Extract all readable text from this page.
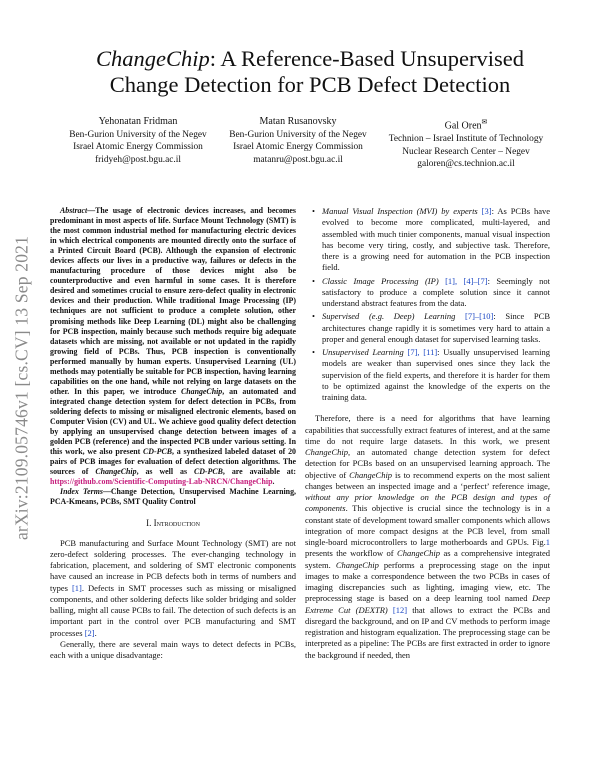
arXiv:2109.05746v1 [cs.CV] 13 Sep 2021
ChangeChip: A Reference-Based Unsupervised
Change Detection for PCB Defect Detection
Yehonatan Fridman
Ben-Gurion University of the Negev
Israel Atomic Energy Commission
fridyeh@post.bgu.ac.il
Matan Rusanovsky
Ben-Gurion University of the Negev
Israel Atomic Energy Commission
matanru@post.bgu.ac.il
Gal Oren✉
Technion – Israel Institute of Technology
Nuclear Research Center – Negev
galoren@cs.technion.ac.il

Abstract—The usage of electronic devices increases, and becomes predominant in most aspects of life. Surface Mount Technology (SMT) is the most common industrial method for manufacturing electric devices in which electrical components are mounted directly onto the surface of a Printed Circuit Board (PCB). Although the expansion of electronic devices affects our lives in a productive way, failures or defects in the manufacturing procedure of those devices might also be counterproductive and even harmful in some cases. It is therefore desired and sometimes crucial to ensure zero-defect quality in electronic devices and their production. While traditional Image Processing (IP) techniques are not sufficient to produce a complete solution, other promising methods like Deep Learning (DL) might also be challenging for PCB inspection, mainly because such methods require big adequate datasets which are missing, not available or not updated in the rapidly growing field of PCBs. Thus, PCB inspection is conventionally performed manually by human experts. Unsupervised Learning (UL) methods may potentially be suitable for PCB inspection, having learning capabilities on the one hand, while not relying on large datasets on the other. In this paper, we introduce ChangeChip, an automated and integrated change detection system for defect detection in PCBs, from soldering defects to missing or misaligned electronic elements, based on Computer Vision (CV) and UL. We achieve good quality defect detection by applying an unsupervised change detection between images of a golden PCB (reference) and the inspected PCB under various setting. In this work, we also present CD-PCB, a synthesized labeled dataset of 20 pairs of PCB images for evaluation of defect detection algorithms. The sources of ChangeChip, as well as CD-PCB, are available at: https://github.com/Scientific-Computing-Lab-NRCN/ChangeChip.

Index Terms—Change Detection, Unsupervised Machine Learning, PCA-Kmeans, PCBs, SMT Quality Control

I. Introduction

PCB manufacturing and Surface Mount Technology (SMT) are not zero-defect soldering processes. The ever-changing technology in fabrication, placement, and soldering of SMT electronic components have caused an increase in PCB defects both in terms of numbers and types [1]. Defects in SMT processes such as missing or misaligned components, and other soldering defects like solder bridging and solder balling, might all cause PCBs to fail. The detection of such defects is an important part in the control over PCB manufacturing and SMT processes [2].

Generally, there are several main ways to detect defects in PCBs, each with a unique disadvantage:

• Manual Visual Inspection (MVI) by experts [3]: As PCBs have evolved to become more complicated, multi-layered, and assembled with much tinier components, manual visual inspection has become very tiring, costly, and subjective task. Therefore, there is a growing need for automation in the PCB inspection field.
• Classic Image Processing (IP) [1], [4]–[7]: Seemingly not satisfactory to produce a complete solution since it cannot understand abstract features from the data.
• Supervised (e.g. Deep) Learning [7]–[10]: Since PCB architectures change rapidly it is sometimes very hard to attain a proper and general enough dataset for supervised learning tasks.
• Unsupervised Learning [7], [11]: Usually unsupervised learning models are weaker than supervised ones since they lack the supervision of the field experts, and therefore it is harder for them to be optimized against the knowledge of the experts on the training data.

Therefore, there is a need for algorithms that have learning capabilities that successfully extract features of interest, and at the same time do not require large datasets. In this work, we present ChangeChip, an automated change detection system for defect detection for PCBs based on an unsupervised learning approach. The objective of ChangeChip is to recommend experts on the most salient changes between an inspected image and a ‘perfect’ reference image, without any prior knowledge on the PCB design and types of components. This objective is crucial since the technology is in a constant state of development toward smaller components which allows integration of more compact designs at the PCB level, from small single-board microcontrollers to large motherboards and GPUs. Fig.1 presents the workflow of ChangeChip as a comprehensive integrated system. ChangeChip performs a preprocessing stage on the input images to make a correspondence between the two PCBs in cases of imaging discrepancies such as lighting, imaging view, etc. The preprocessing stage is based on a deep learning tool named Deep Extreme Cut (DEXTR) [12] that allows to extract the PCBs and disregard the background, and on IP and CV methods to perform image registration and histogram equalization. The preprocessing stage can be interpreted as a pipeline: The PCBs are first extracted in order to ignore the background if needed, then
